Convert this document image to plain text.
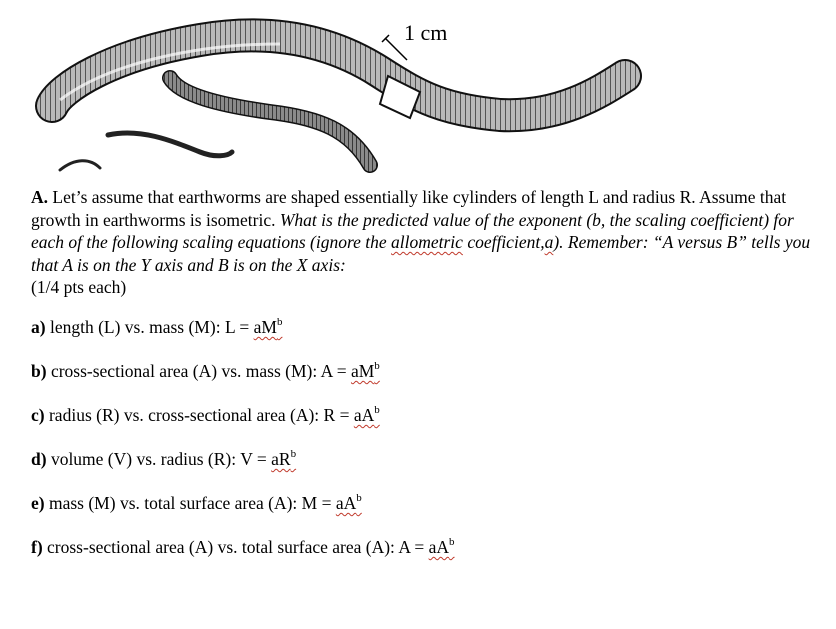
1 cm

A. Let’s assume that earthworms are shaped essentially like cylinders of length L and radius R. Assume that growth in earthworms is isometric. What is the predicted value of the exponent (b, the scaling coefficient) for each of the following scaling equations (ignore the allometric coefficient,a). Remember: “A versus B” tells you that A is on the Y axis and B is on the X axis:

(1/4 pts each)

a) length (L) vs. mass (M): $L = aM^b$
b) cross-sectional area (A) vs. mass (M): $A = aM^b$
c) radius (R) vs. cross-sectional area (A): $R = aA^b$
d) volume (V) vs. radius (R): $V = aR^b$
e) mass (M) vs. total surface area (A): $M = aA^b$
f) cross-sectional area (A) vs. total surface area (A): $A = aA^b$
